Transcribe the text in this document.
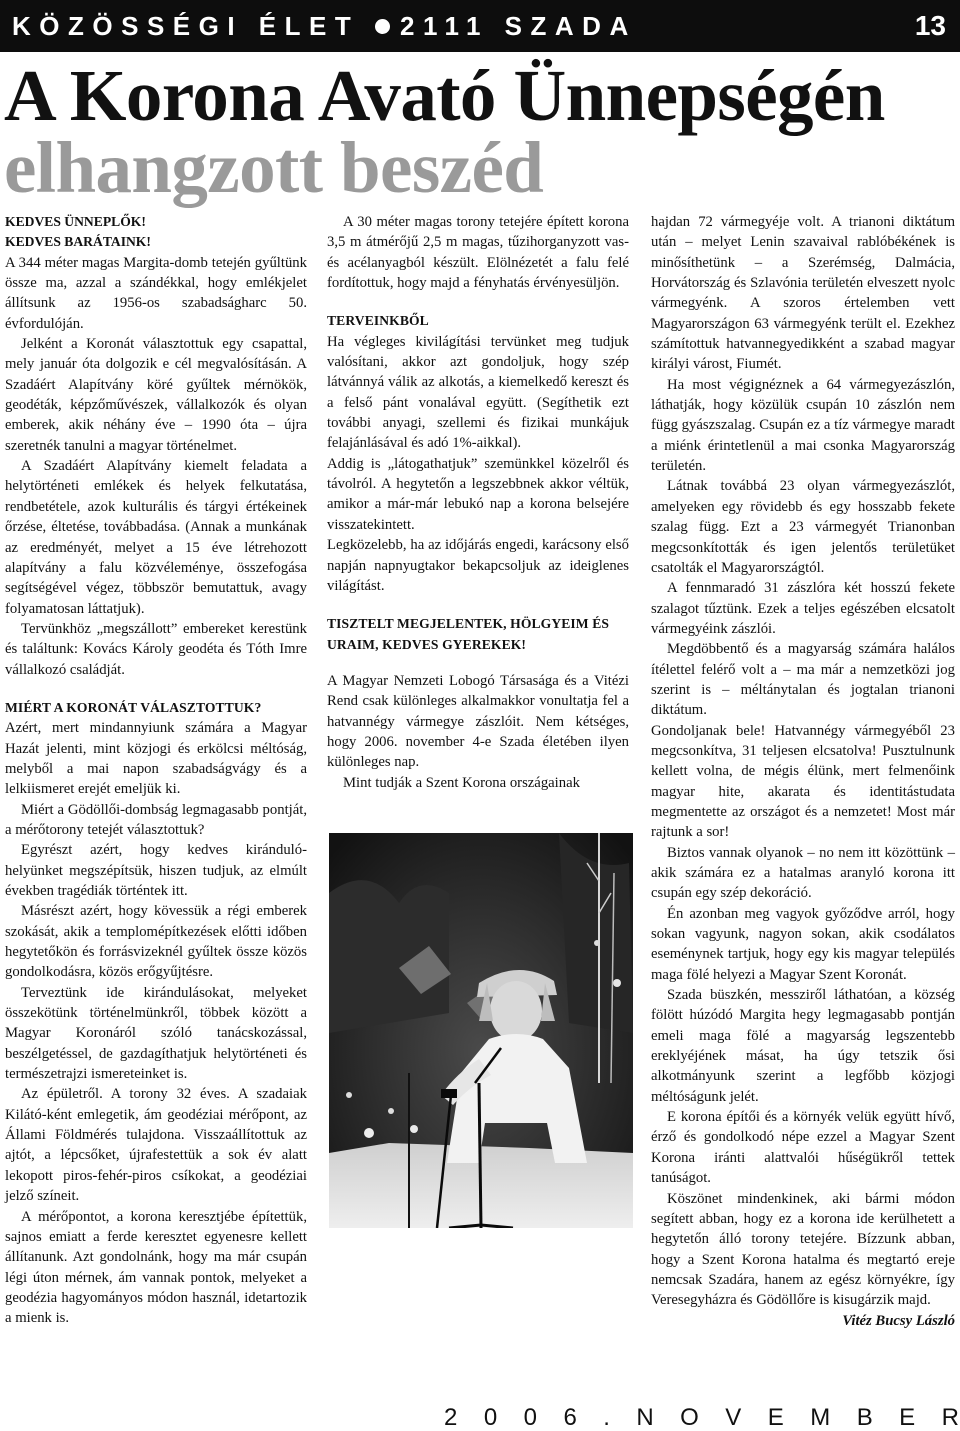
KÖZÖSSÉGI ÉLET 2111 SZADA	13
A Korona Avató Ünnepségén
elhangzott beszéd

KEDVES ÜNNEPLŐK!

KEDVES BARÁTAINK!

A 344 méter magas Margita-domb tetején gyűltünk össze ma, azzal a szándékkal, hogy emlékjelet állítsunk az 1956-os szabadságharc 50. évfordulóján.

Jelként a Koronát választottuk egy csapattal, mely január óta dolgozik e cél megvalósításán. A Szadáért Alapítvány köré gyűltek mérnökök, geodéták, képzőművészek, vállalkozók és olyan emberek, akik néhány éve – 1990 óta – újra szeretnék tanulni a magyar történelmet.

A Szadáért Alapítvány kiemelt feladata a helytörténeti emlékek és helyek felkutatása, rendbetétele, azok kulturális és tárgyi értékeinek őrzése, éltetése, továbbadása. (Annak a munkának az eredményét, melyet a 15 éve létrehozott alapítvány a falu közvéleménye, összefogása segítségével végez, többször bemutattuk, avagy folyamatosan láttatjuk).

Tervünkhöz „megszállott” embereket kerestünk és találtunk: Kovács Károly geodéta és Tóth Imre vállalkozó családját.

MIÉRT A KORONÁT VÁLASZTOTTUK?

Azért, mert mindannyiunk számára a Magyar Hazát jelenti, mint közjogi és erkölcsi méltóság, melyből a mai napon szabadságvágy és a lelkiismeret erejét emeljük ki.

Miért a Gödöllői-dombság legmagasabb pontját, a mérőtorony tetejét választottuk?

Egyrészt azért, hogy kedves kiránduló-helyünket megszépítsük, hiszen tudjuk, az elmúlt években tragédiák történtek itt.

Másrészt azért, hogy kövessük a régi emberek szokását, akik a templomépítkezések előtti időben hegytetőkön és forrásvizeknél gyűltek össze közös gondolkodásra, közös erőgyűjtésre.

Terveztünk ide kirándulásokat, melyeket összekötünk történelmünkről, többek között a Magyar Koronáról szóló tanácskozással, beszélgetéssel, de gazdagíthatjuk helytörténeti és természetrajzi ismereteinket is.

Az épületről. A torony 32 éves. A szadaiak Kilátó-ként emlegetik, ám geodéziai mérőpont, az Állami Földmérés tulajdona. Visszaállítottuk az ajtót, a lépcsőket, újrafestettük a sok év alatt lekopott piros-fehér-piros csíkokat, a geodéziai jelző színeit.

A mérőpontot, a korona keresztjébe építettük, sajnos emiatt a ferde keresztet egyenesre kellett állítanunk. Azt gondolnánk, hogy ma már csupán légi úton mérnek, ám vannak pontok, melyeket a geodézia hagyományos módon használ, idetartozik a mienk is.

A 30 méter magas torony tetejére épített korona 3,5 m átmérőjű 2,5 m magas, tűzihorganyzott vas- és acélanyagból készült. Elölnézetét a falu felé fordítottuk, hogy majd a fényhatás érvényesüljön.

TERVEINKBŐL

Ha végleges kivilágítási tervünket meg tudjuk valósítani, akkor azt gondoljuk, hogy szép látvánnyá válik az alkotás, a kiemelkedő kereszt és a felső pánt vonalával együtt. (Segíthetik ezt további anyagi, szellemi és fizikai munkájuk felajánlásával és adó 1%-aikkal).

Addig is „látogathatjuk” szemünkkel közelről és távolról. A hegytetőn a legszebbnek akkor véltük, amikor a már-már lebukó nap a korona belsejére visszatekintett.

Legközelebb, ha az időjárás engedi, karácsony első napján napnyugtakor bekapcsoljuk az ideiglenes világítást.

TISZTELT MEGJELENTEK, HÖLGYEIM ÉS URAIM, KEDVES GYEREKEK!

A Magyar Nemzeti Lobogó Társasága és a Vitézi Rend csak különleges alkalmakkor vonultatja fel a hatvannégy vármegye zászlóit. Nem kétséges, hogy 2006. november 4-e Szada életében ilyen különleges nap.

Mint tudják a Szent Korona országainak

hajdan 72 vármegyéje volt. A trianoni diktátum után – melyet Lenin szavaival rablóbékének is minősíthetünk – a Szerémség, Dalmácia, Horvátország és Szlavónia területén elveszett nyolc vármegyénk. A szoros értelemben vett Magyarországon 63 vármegyénk terült el. Ezekhez számítottuk hatvannegyedikként a szabad magyar királyi várost, Fiumét.

Ha most végignéznek a 64 vármegyezászlón, láthatják, hogy közülük csupán 10 zászlón nem függ gyászszalag. Csupán ez a tíz vármegye maradt a miénk érintetlenül a mai csonka Magyarország területén.

Látnak továbbá 23 olyan vármegyezászlót, amelyeken egy rövidebb és egy hosszabb fekete szalag függ. Ezt a 23 vármegyét Trianonban megcsonkították és igen jelentős területüket csatolták el Magyarországtól.

A fennmaradó 31 zászlóra két hosszú fekete szalagot tűztünk. Ezek a teljes egészében elcsatolt vármegyéink zászlói.

Megdöbbentő és a magyarság számára halálos ítélettel felérő volt a – ma már a nemzetközi jog szerint is – méltánytalan és jogtalan trianoni diktátum.

Gondoljanak bele! Hatvannégy vármegyéből 23 megcsonkítva, 31 teljesen elcsatolva! Pusztulnunk kellett volna, de mégis élünk, mert felmenőink magyar hite, akarata és identitástudata megmentette az országot és a nemzetet! Most már rajtunk a sor!

Biztos vannak olyanok – no nem itt közöttünk – akik számára ez a hatalmas aranyló korona itt csupán egy szép dekoráció.

Én azonban meg vagyok győződve arról, hogy sokan vagyunk, nagyon sokan, akik csodálatos eseménynek tartjuk, hogy egy kis magyar település maga fölé helyezi a Magyar Szent Koronát.

Szada büszkén, messziről láthatóan, a község fölött húzódó Margita hegy legmagasabb pontján emeli maga fölé a magyarság legszentebb ereklyéjének másat, ha úgy tetszik ősi alkotmányunk szerint a legfőbb közjogi méltóságunk jelét.

E korona építői és a környék velük együtt hívő, érző és gondolkodó népe ezzel a Magyar Szent Korona iránti alattvalói hűségükről tettek tanúságot.

Köszönet mindenkinek, aki bármi módon segített abban, hogy ez a korona ide kerülhetett a hegytetőn álló torony tetejére. Bízzunk abban, hogy a Szent Korona hatalma és megtartó ereje nemcsak Szadára, hanem az egész környékre, így Veresegyházra és Gödöllőre is kisugárzik majd.

Vitéz Bucsy László

2 0 0 6 . N O V E M B E R
